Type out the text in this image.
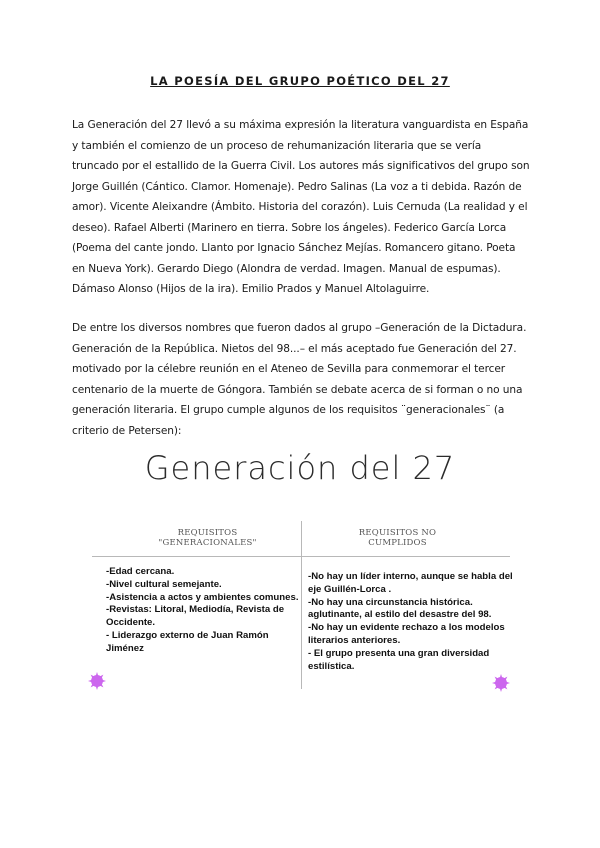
LA POESÍA DEL GRUPO POÉTICO DEL 27

La Generación del 27 llevó a su máxima expresión la literatura vanguardista en España y también el comienzo de un proceso de rehumanización literaria que se vería truncado por el estallido de la Guerra Civil. Los autores más significativos del grupo son Jorge Guillén (Cántico. Clamor. Homenaje). Pedro Salinas (La voz a ti debida. Razón de amor). Vicente Aleixandre (Ámbito. Historia del corazón). Luis Cernuda (La realidad y el deseo). Rafael Alberti (Marinero en tierra. Sobre los ángeles). Federico García Lorca (Poema del cante jondo. Llanto por Ignacio Sánchez Mejías. Romancero gitano. Poeta en Nueva York). Gerardo Diego (Alondra de verdad. Imagen. Manual de espumas). Dámaso Alonso (Hijos de la ira). Emilio Prados y Manuel Altolaguirre.

De entre los diversos nombres que fueron dados al grupo –Generación de la Dictadura. Generación de la República. Nietos del 98...– el más aceptado fue Generación del 27. motivado por la célebre reunión en el Ateneo de Sevilla para conmemorar el tercer centenario de la muerte de Góngora. También se debate acerca de si forman o no una generación literaria. El grupo cumple algunos de los requisitos ¨generacionales¨ (a criterio de Petersen):

Generación del 27
REQUISITOS "GENERACIONALES"
REQUISITOS NO CUMPLIDOS
-Edad cercana.
-Nivel cultural semejante.
-Asistencia a actos y ambientes comunes.
-Revistas: Litoral, Mediodía, Revista de Occidente.
- Liderazgo externo de Juan Ramón Jiménez
-No hay un líder interno, aunque se habla del eje Guillén-Lorca .
-No hay una circunstancia histórica. aglutinante, al estilo del desastre del 98.
-No hay un evidente rechazo a los modelos literarios anteriores.
- El grupo presenta una gran diversidad estilística.
